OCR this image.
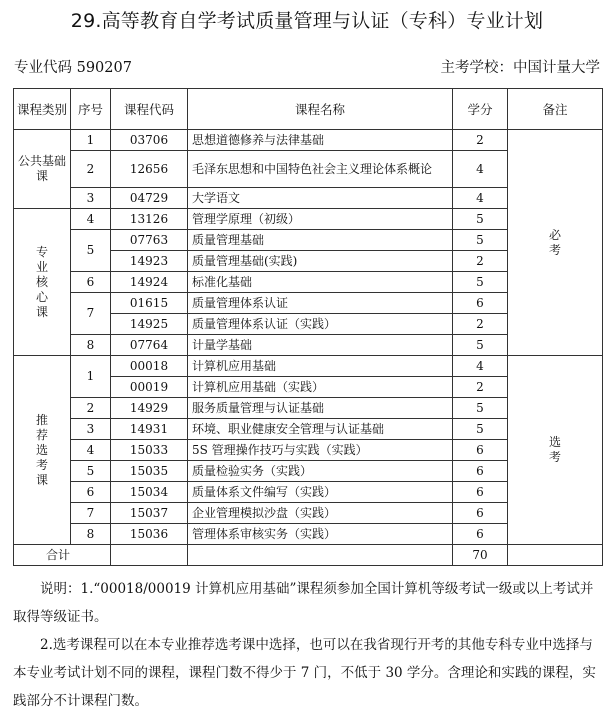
29.高等教育自学考试质量管理与认证（专科）专业计划
专业代码 590207	主考学校：中国计量大学
课程类别	序号	课程代码	课程名称	学分	备注
公共基础课	1	03706	思想道德修养与法律基础	2	必考
	2	12656	毛泽东思想和中国特色社会主义理论体系概论	4	
	3	04729	大学语文	4	
专业核心课	4	13126	管理学原理（初级）	5	
	5	07763	质量管理基础	5	
		14923	质量管理基础(实践)	2	
	6	14924	标准化基础	5	
	7	01615	质量管理体系认证	6	
		14925	质量管理体系认证（实践）	2	
	8	07764	计量学基础	5	
推荐选考课	1	00018	计算机应用基础	4	选考
		00019	计算机应用基础（实践）	2	
	2	14929	服务质量管理与认证基础	5	
	3	14931	环境、职业健康安全管理与认证基础	5	
	4	15033	5S 管理操作技巧与实践（实践）	6	
	5	15035	质量检验实务（实践）	6	
	6	15034	质量体系文件编写（实践）	6	
	7	15037	企业管理模拟沙盘（实践）	6	
	8	15036	管理体系审核实务（实践）	6	
合计				70	

说明：1.“00018/00019 计算机应用基础”课程须参加全国计算机等级考试一级或以上考试并取得等级证书。

2.选考课程可以在本专业推荐选考课中选择，也可以在我省现行开考的其他专科专业中选择与本专业考试计划不同的课程，课程门数不得少于 7 门，不低于 30 学分。含理论和实践的课程，实践部分不计课程门数。
